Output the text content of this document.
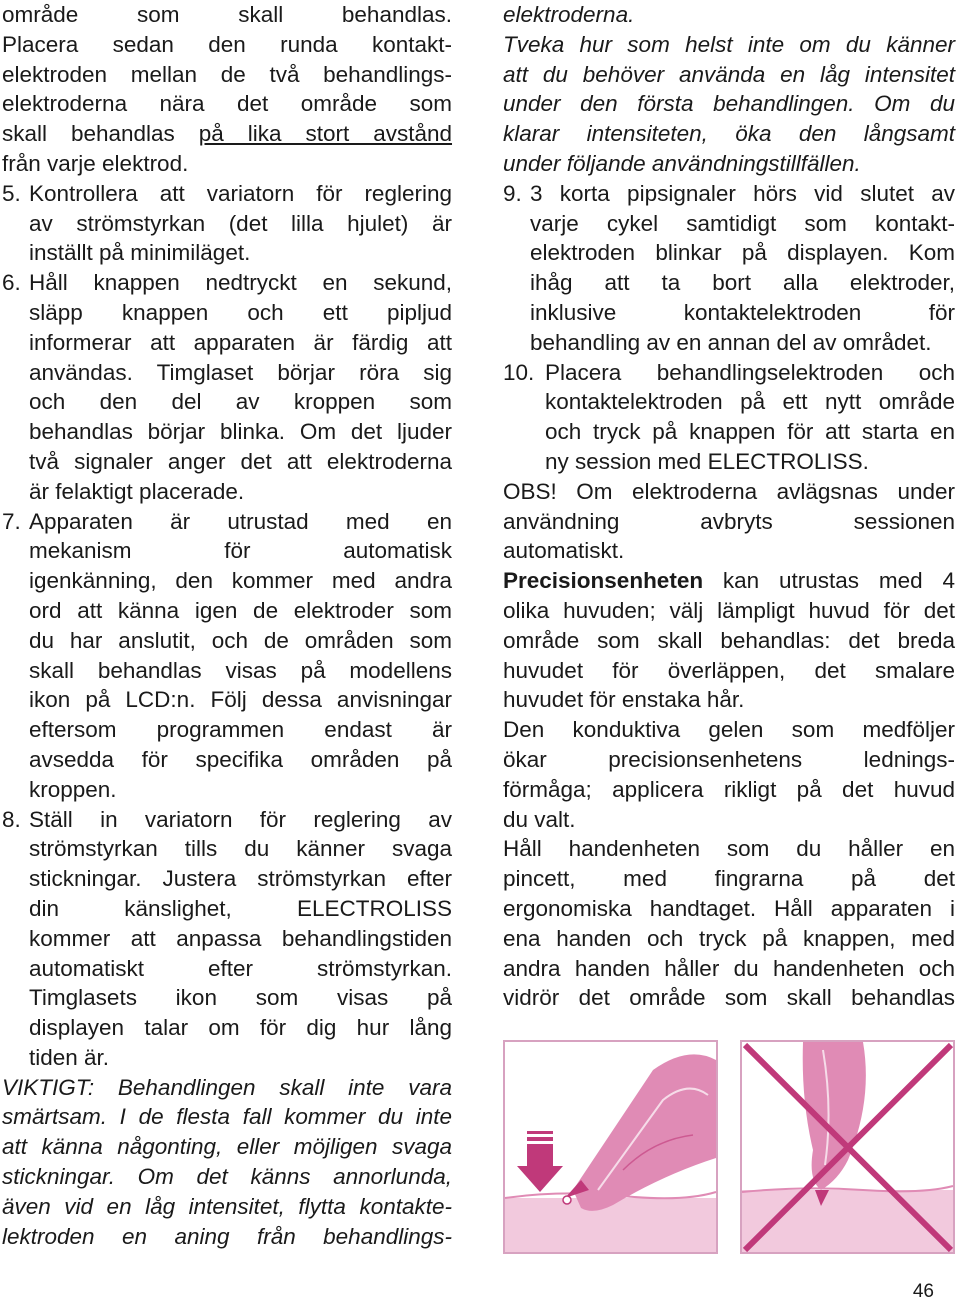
område som skall behandlas.

Placera sedan den runda kontakt-

elektroden mellan de två behandlings-

elektroderna nära det område som

skall behandlas på lika stort avstånd

från varje elektrod.

5. Kontrollera att variatorn för reglering

av strömstyrkan (det lilla hjulet) är

inställt på minimiläget.

6. Håll knappen nedtryckt en sekund,

släpp knappen och ett pipljud

informerar att apparaten är färdig att

användas. Timglaset börjar röra sig

och den del av kroppen som

behandlas börjar blinka. Om det ljuder

två signaler anger det att elektroderna

är felaktigt placerade.

7. Apparaten är utrustad med en

mekanism för automatisk

igenkänning, den kommer med andra

ord att känna igen de elektroder som

du har anslutit, och de områden som

skall behandlas visas på modellens

ikon på LCD:n. Följ dessa anvisningar

eftersom programmen endast är

avsedda för specifika områden på

kroppen.

8. Ställ in variatorn för reglering av

strömstyrkan tills du känner svaga

stickningar. Justera strömstyrkan efter

din känslighet, ELECTROLISS

kommer att anpassa behandlingstiden

automatiskt efter strömstyrkan.

Timglasets ikon som visas på

displayen talar om för dig hur lång

tiden är.

VIKTIGT: Behandlingen skall inte vara

smärtsam. I de flesta fall kommer du inte

att känna någonting, eller möjligen svaga

stickningar. Om det känns annorlunda,

även vid en låg intensitet, flytta kontakte-

lektroden en aning från behandlings-

elektroderna.

Tveka hur som helst inte om du känner

att du behöver använda en låg intensitet

under den första behandlingen. Om du

klarar intensiteten, öka den långsamt

under följande användningstillfällen.

9. 3 korta pipsignaler hörs vid slutet av

varje cykel samtidigt som kontakt-

elektroden blinkar på displayen. Kom

ihåg att ta bort alla elektroder,

inklusive kontaktelektroden för

behandling av en annan del av området.

10. Placera behandlingselektroden och

kontaktelektroden på ett nytt område

och tryck på knappen för att starta en

ny session med ELECTROLISS.

OBS! Om elektroderna avlägsnas under

användning avbryts sessionen

automatiskt.

Precisionsenheten kan utrustas med 4

olika huvuden; välj lämpligt huvud för det

område som skall behandlas: det breda

huvudet för överläppen, det smalare

huvudet för enstaka hår.

Den konduktiva gelen som medföljer

ökar precisionsenhetens lednings-

förmåga; applicera rikligt på det huvud

du valt.

Håll handenheten som du håller en

pincett, med fingrarna på det

ergonomiska handtaget. Håll apparaten i

ena handen och tryck på knappen, med

andra handen håller du handenheten och

vidrör det område som skall behandlas

46
